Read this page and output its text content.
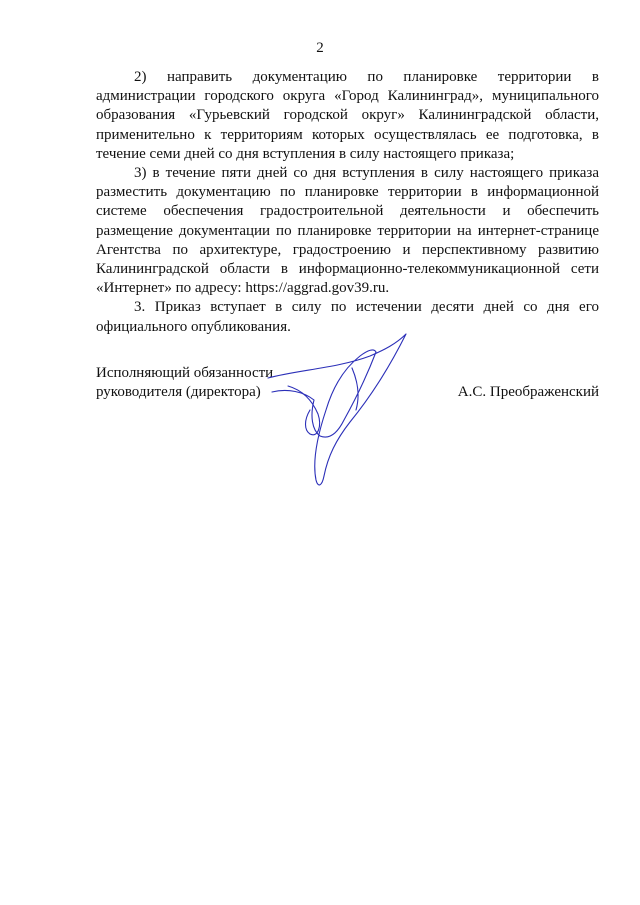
2

2) направить документацию по планировке территории в администрации городского округа «Город Калининград», муниципального образования «Гурьевский городской округ» Калининградской области, применительно к территориям которых осуществлялась ее подготовка, в течение семи дней со дня вступления в силу настоящего приказа;

3) в течение пяти дней со дня вступления в силу настоящего приказа разместить документацию по планировке территории в информационной системе обеспечения градостроительной деятельности и обеспечить размещение документации по планировке территории на интернет-странице Агентства по архитектуре, градостроению и перспективному развитию Калининградской области в информационно-телекоммуникационной сети «Интернет» по адресу: https://aggrad.gov39.ru.

3. Приказ вступает в силу по истечении десяти дней со дня его официального опубликования.

Исполняющий обязанности
руководителя (директора)	А.С. Преображенский
